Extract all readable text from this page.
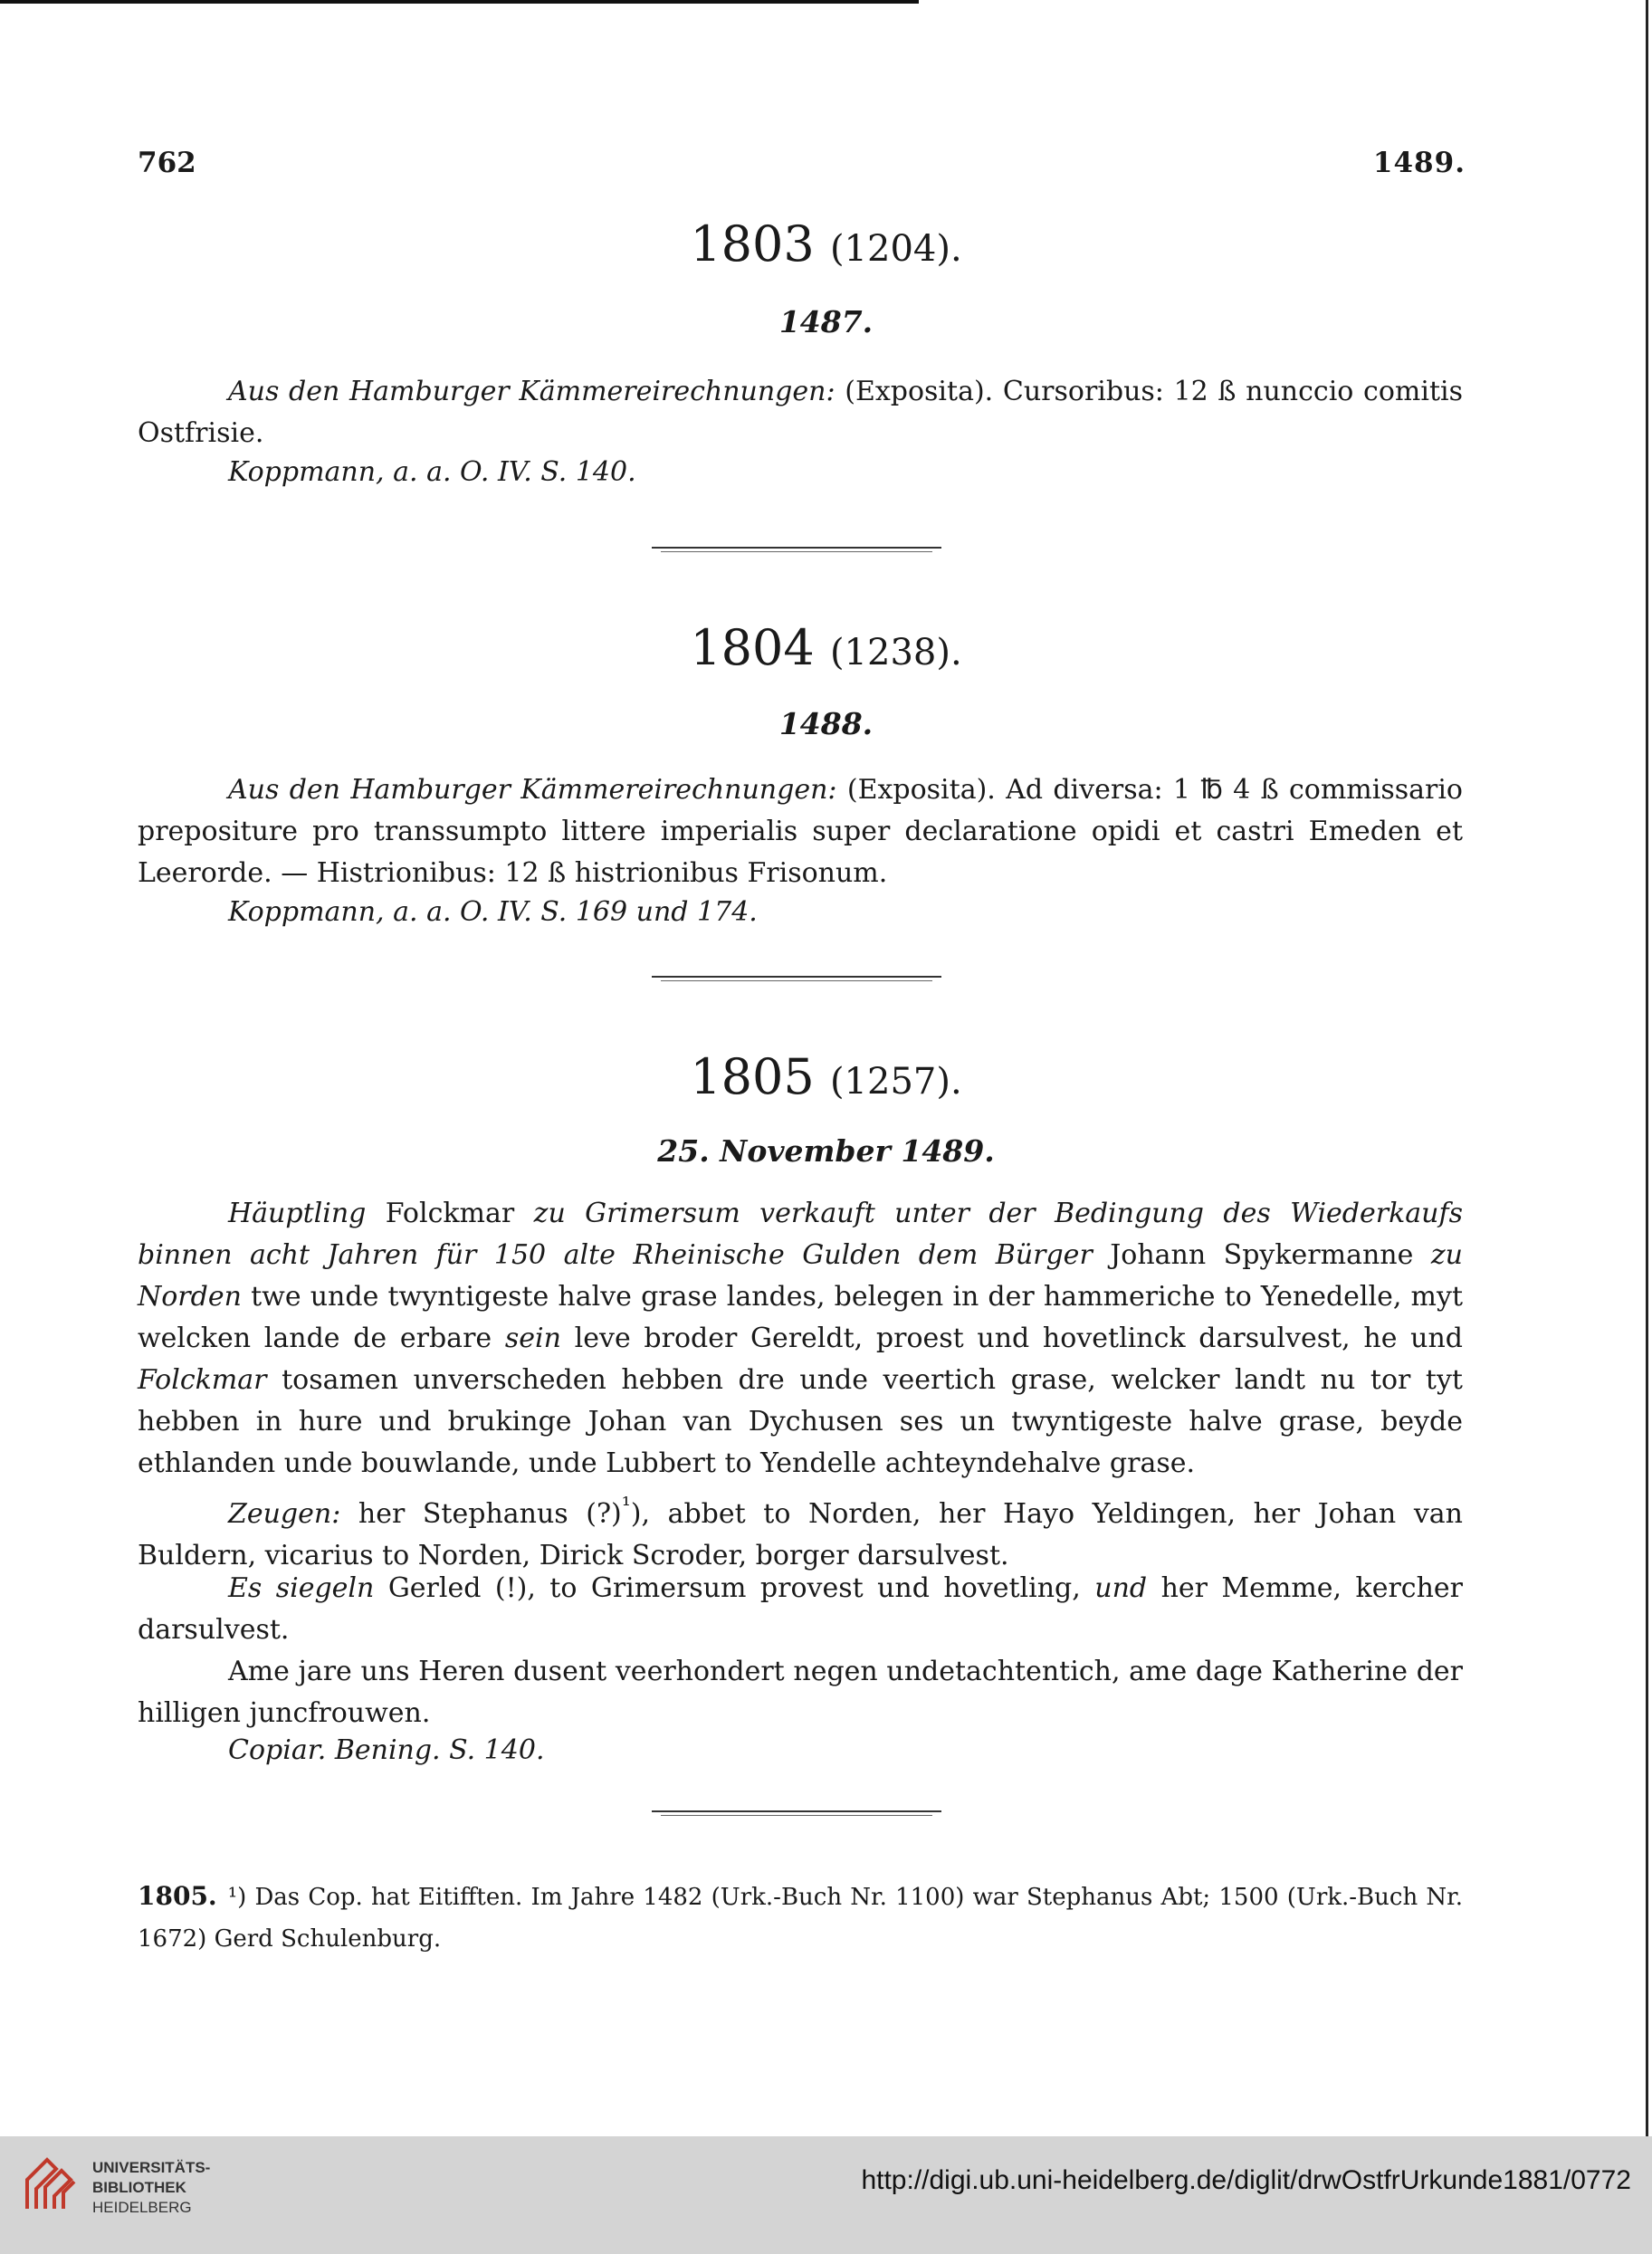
762	1489.
1803 (1204).
1487.

Aus den Hamburger Kämmereirechnungen: (Exposita). Cursoribus: 12 ß nunccio comitis Ostfrisie.

Koppmann, a. a. O. IV. S. 140.
1804 (1238).
1488.

Aus den Hamburger Kämmereirechnungen: (Exposita). Ad diversa: 1 ℔ 4 ß commissario prepositure pro transsumpto littere imperialis super declaratione opidi et castri Emeden et Leerorde. — Histrionibus: 12 ß histrionibus Frisonum.

Koppmann, a. a. O. IV. S. 169 und 174.
1805 (1257).
25. November 1489.

Häuptling Folckmar zu Grimersum verkauft unter der Bedingung des Wiederkaufs binnen acht Jahren für 150 alte Rheinische Gulden dem Bürger Johann Spykermanne zu Norden twe unde twyntigeste halve grase landes, belegen in der hammeriche to Yenedelle, myt welcken lande de erbare sein leve broder Gereldt, proest und hovetlinck darsulvest, he und Folckmar tosamen unverscheden hebben dre unde veertich grase, welcker landt nu tor tyt hebben in hure und brukinge Johan van Dychusen ses un twyntigeste halve grase, beyde ethlanden unde bouwlande, unde Lubbert to Yendelle achteyndehalve grase.

Zeugen: her Stephanus (?)$^{^1}$), abbet to Norden, her Hayo Yeldingen, her Johan van Buldern, vicarius to Norden, Dirick Scroder, borger darsulvest.

Es siegeln Gerled (!), to Grimersum provest und hovetling, und her Memme, kercher darsulvest.

Ame jare uns Heren dusent veerhondert negen undetachtentich, ame dage Katherine der hilligen juncfrouwen.

Copiar. Bening. S. 140.

1805. ¹) Das Cop. hat Eitifften. Im Jahre 1482 (Urk.-Buch Nr. 1100) war Stephanus Abt; 1500 (Urk.-Buch Nr. 1672) Gerd Schulenburg.

UNIVERSITÄTS-
BIBLIOTHEK
HEIDELBERG
http://digi.ub.uni-heidelberg.de/diglit/drwOstfrUrkunde1881/0772
